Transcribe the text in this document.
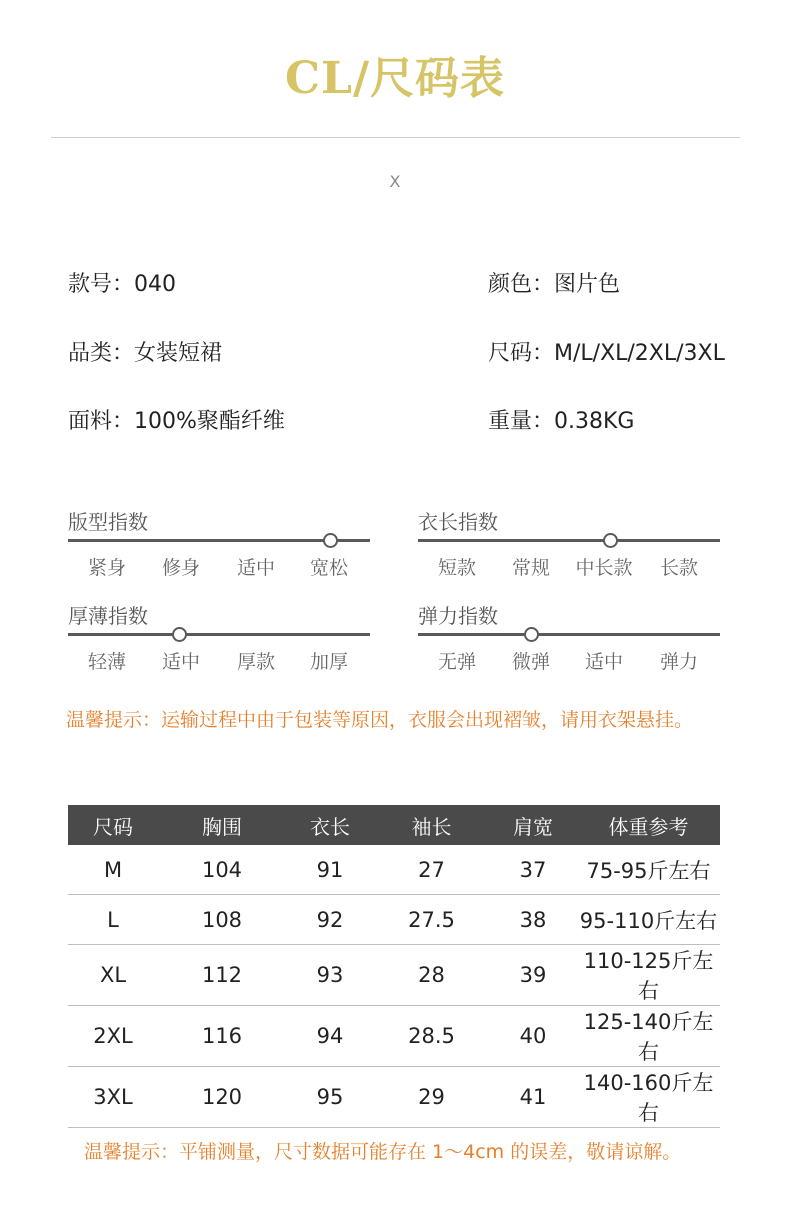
CL/尺码表
X
款号：040
品类：女装短裙
面料：100%聚酯纤维
颜色：图片色
尺码：M/L/XL/2XL/3XL
重量：0.38KG
版型指数
紧身	修身	适中	宽松
衣长指数
短款	常规	中长款	长款
厚薄指数
轻薄	适中	厚款	加厚
弹力指数
无弹	微弹	适中	弹力
温馨提示：运输过程中由于包装等原因，衣服会出现褶皱，请用衣架悬挂。
尺码	胸围	衣长	袖长	肩宽	体重参考
M	104	91	27	37	75-95斤左右
L	108	92	27.5	38	95-110斤左右
XL	112	93	28	39	110-125斤左右
2XL	116	94	28.5	40	125-140斤左右
3XL	120	95	29	41	140-160斤左右
温馨提示：平铺测量，尺寸数据可能存在 1～4cm 的误差，敬请谅解。
